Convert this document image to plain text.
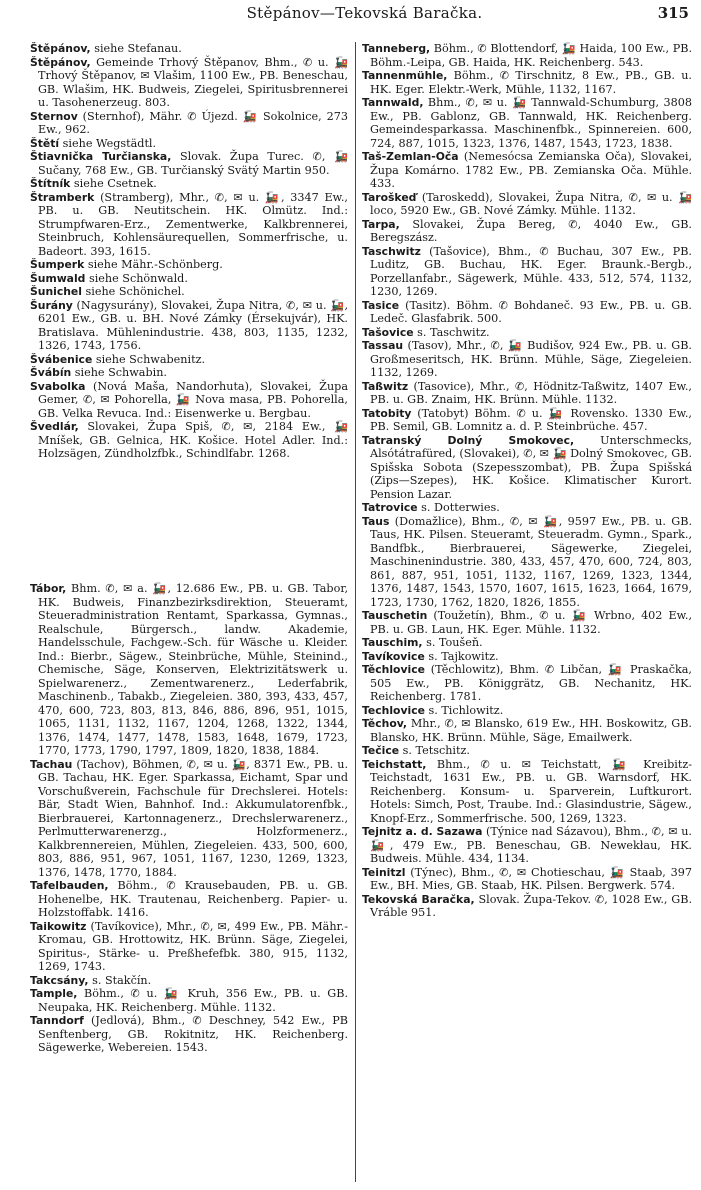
Stěpánov—Tekovská Baračka.	315
Štěpánov, siehe Stefanau.
Štěpánov, Gemeinde Trhový Štěpanov, Bhm., ✆ u. 🚂 Trhový Štěpanov, ✉ Vlašim, 1100 Ew., PB. Beneschau, GB. Wlašim, HK. Budweis, Ziegelei, Spiritusbrennerei u. Tasohenerzeug. 803.
Sternov (Sternhof), Mähr. ✆ Újezd. 🚂 Sokolnice, 273 Ew., 962.
Štětí siehe Wegstädtl.
Štiavnička Turčianska, Slovak. Župa Turec. ✆, 🚂 Sučany, 768 Ew., GB. Turčianský Svätý Martin 950.
Štítník siehe Csetnek.
Štramberk (Stramberg), Mhr., ✆, ✉ u. 🚂, 3347 Ew., PB. u. GB. Neutitschein. HK. Olmütz. Ind.: Strumpfwaren-Erz., Zementwerke, Kalkbrennerei, Steinbruch, Kohlensäurequellen, Sommerfrische, u. Badeort. 393, 1615.
Šumperk siehe Mähr.-Schönberg.
Šumwald siehe Schönwald.
Šunichel siehe Schönichel.
Šurány (Nagysurány), Slovakei, Župa Nitra, ✆, ✉ u. 🚂, 6201 Ew., GB. u. BH. Nové Zámky (Érsekujvár), HK. Bratislava. Mühlenindustrie. 438, 803, 1135, 1232, 1326, 1743, 1756.
Švábenice siehe Schwabenitz.
Švábín siehe Schwabin.
Svabolka (Nová Maša, Nandorhuta), Slovakei, Župa Gemer, ✆, ✉ Pohorella, 🚂 Nova masa, PB. Pohorella, GB. Velka Revuca. Ind.: Eisenwerke u. Bergbau.
Švedlár, Slovakei, Župa Spiš, ✆, ✉, 2184 Ew., 🚂 Mníšek, GB. Gelnica, HK. Košice. Hotel Adler. Ind.: Holzsägen, Zündholzfbk., Schindlfabr. 1268.
Tábor, Bhm. ✆, ✉ a. 🚂, 12.686 Ew., PB. u. GB. Tabor, HK. Budweis, Finanzbezirksdirektion, Steueramt, Steueradministration Rentamt, Sparkassa, Gymnas., Realschule, Bürgersch., landw. Akademie, Handelsschule, Fachgew.-Sch. für Wäsche u. Kleider. Ind.: Bierbr., Sägew., Steinbrüche, Mühle, Steinind., Chemische, Säge, Konserven, Elektrizitätswerk u. Spielwarenerz., Zementwarenerz., Lederfabrik, Maschinenb., Tabakb., Ziegeleien. 380, 393, 433, 457, 470, 600, 723, 803, 813, 846, 886, 896, 951, 1015, 1065, 1131, 1132, 1167, 1204, 1268, 1322, 1344, 1376, 1474, 1477, 1478, 1583, 1648, 1679, 1723, 1770, 1773, 1790, 1797, 1809, 1820, 1838, 1884.
Tachau (Tachov), Böhmen, ✆, ✉ u. 🚂, 8371 Ew., PB. u. GB. Tachau, HK. Eger. Sparkassa, Eichamt, Spar und Vorschußverein, Fachschule für Drechslerei. Hotels: Bär, Stadt Wien, Bahnhof. Ind.: Akkumulatorenfbk., Bierbrauerei, Kartonnagenerz., Drechslerwarenerz., Perlmutterwarenerzg., Holzformenerz., Kalkbrennereien, Mühlen, Ziegeleien. 433, 500, 600, 803, 886, 951, 967, 1051, 1167, 1230, 1269, 1323, 1376, 1478, 1770, 1884.
Tafelbauden, Böhm., ✆ Krausebauden, PB. u. GB. Hohenelbe, HK. Trautenau, Reichenberg. Papier- u. Holzstoffabk. 1416.
Taikowitz (Tavíkovice), Mhr., ✆, ✉, 499 Ew., PB. Mähr.-Kromau, GB. Hrottowitz, HK. Brünn. Säge, Ziegelei, Spiritus-, Stärke- u. Preßhefefbk. 380, 915, 1132, 1269, 1743.
Takcsány, s. Stakčín.
Tample, Böhm., ✆ u. 🚂 Kruh, 356 Ew., PB. u. GB. Neupaka, HK. Reichenberg. Mühle. 1132.
Tanndorf (Jedlová), Bhm., ✆ Deschney, 542 Ew., PB Senftenberg, GB. Rokitnitz, HK. Reichenberg. Sägewerke, Webereien. 1543.
Tanneberg, Böhm., ✆ Blottendorf, 🚂 Haida, 100 Ew., PB. Böhm.-Leipa, GB. Haida, HK. Reichenberg. 543.
Tannenmühle, Böhm., ✆ Tirschnitz, 8 Ew., PB., GB. u. HK. Eger. Elektr.-Werk, Mühle, 1132, 1167.
Tannwald, Bhm., ✆, ✉ u. 🚂 Tannwald-Schumburg, 3808 Ew., PB. Gablonz, GB. Tannwald, HK. Reichenberg. Gemeindesparkassa. Maschinenfbk., Spinnereien. 600, 724, 887, 1015, 1323, 1376, 1487, 1543, 1723, 1838.
Taš-Zemlan-Oča (Nemesócsa Zemianska Oča), Slovakei, Župa Komárno. 1782 Ew., PB. Zemianska Oča. Mühle. 433.
Taroškeď (Taroskedd), Slovakei, Župa Nitra, ✆, ✉ u. 🚂 loco, 5920 Ew., GB. Nové Zámky. Mühle. 1132.
Tarpa, Slovakei, Župa Bereg, ✆, 4040 Ew., GB. Beregszász.
Taschwitz (Tašovice), Bhm., ✆ Buchau, 307 Ew., PB. Luditz, GB. Buchau, HK. Eger. Braunk.-Bergb., Porzellanfabr., Sägewerk, Mühle. 433, 512, 574, 1132, 1230, 1269.
Tasice (Tasitz). Böhm. ✆ Bohdaneč. 93 Ew., PB. u. GB. Ledeč. Glasfabrik. 500.
Tašovice s. Taschwitz.
Tassau (Tasov), Mhr., ✆, 🚂 Budišov, 924 Ew., PB. u. GB. Großmeseritsch, HK. Brünn. Mühle, Säge, Ziegeleien. 1132, 1269.
Taßwitz (Tasovice), Mhr., ✆, Hödnitz-Taßwitz, 1407 Ew., PB. u. GB. Znaim, HK. Brünn. Mühle. 1132.
Tatobity (Tatobyt) Böhm. ✆ u. 🚂 Rovensko. 1330 Ew., PB. Semil, GB. Lomnitz a. d. P. Steinbrüche. 457.
Tatranský Dolný Smokovec, Unterschmecks, Alsótátrafüred, (Slovakei), ✆, ✉ 🚂 Dolný Smokovec, GB. Spišska Sobota (Szepesszombat), PB. Župa Spišská (Zips—Szepes), HK. Košice. Klimatischer Kurort. Pension Lazar.
Tatrovice s. Dotterwies.
Taus (Domažlice), Bhm., ✆, ✉ 🚂, 9597 Ew., PB. u. GB. Taus, HK. Pilsen. Steueramt, Steueradm. Gymn., Spark., Bandfbk., Bierbrauerei, Sägewerke, Ziegelei, Maschinenindustrie. 380, 433, 457, 470, 600, 724, 803, 861, 887, 951, 1051, 1132, 1167, 1269, 1323, 1344, 1376, 1487, 1543, 1570, 1607, 1615, 1623, 1664, 1679, 1723, 1730, 1762, 1820, 1826, 1855.
Tauschetin (Toužetín), Bhm., ✆ u. 🚂 Wrbno, 402 Ew., PB. u. GB. Laun, HK. Eger. Mühle. 1132.
Tauschim, s. Toušeň.
Tavíkovice s. Tajkowitz.
Těchlovice (Těchlowitz), Bhm. ✆ Libčan, 🚂 Praskačka, 505 Ew., PB. Königgrätz, GB. Nechanitz, HK. Reichenberg. 1781.
Techlovice s. Tichlowitz.
Těchov, Mhr., ✆, ✉ Blansko, 619 Ew., HH. Boskowitz, GB. Blansko, HK. Brünn. Mühle, Säge, Emailwerk.
Tečice s. Tetschitz.
Teichstatt, Bhm., ✆ u. ✉ Teichstatt, 🚂 Kreibitz-Teichstadt, 1631 Ew., PB. u. GB. Warnsdorf, HK. Reichenberg. Konsum- u. Sparverein, Luftkurort. Hotels: Simch, Post, Traube. Ind.: Glasindustrie, Sägew., Knopf-Erz., Sommerfrische. 500, 1269, 1323.
Tejnitz a. d. Sazawa (Týnice nad Sázavou), Bhm., ✆, ✉ u. 🚂, 479 Ew., PB. Beneschau, GB. Newekłau, HK. Budweis. Mühle. 434, 1134.
Teinitzl (Týnec), Bhm., ✆, ✉ Chotieschau, 🚂 Staab, 397 Ew., BH. Mies, GB. Staab, HK. Pilsen. Bergwerk. 574.
Tekovská Baračka, Slovak. Župa-Tekov. ✆, 1028 Ew., GB. Vráble 951.
